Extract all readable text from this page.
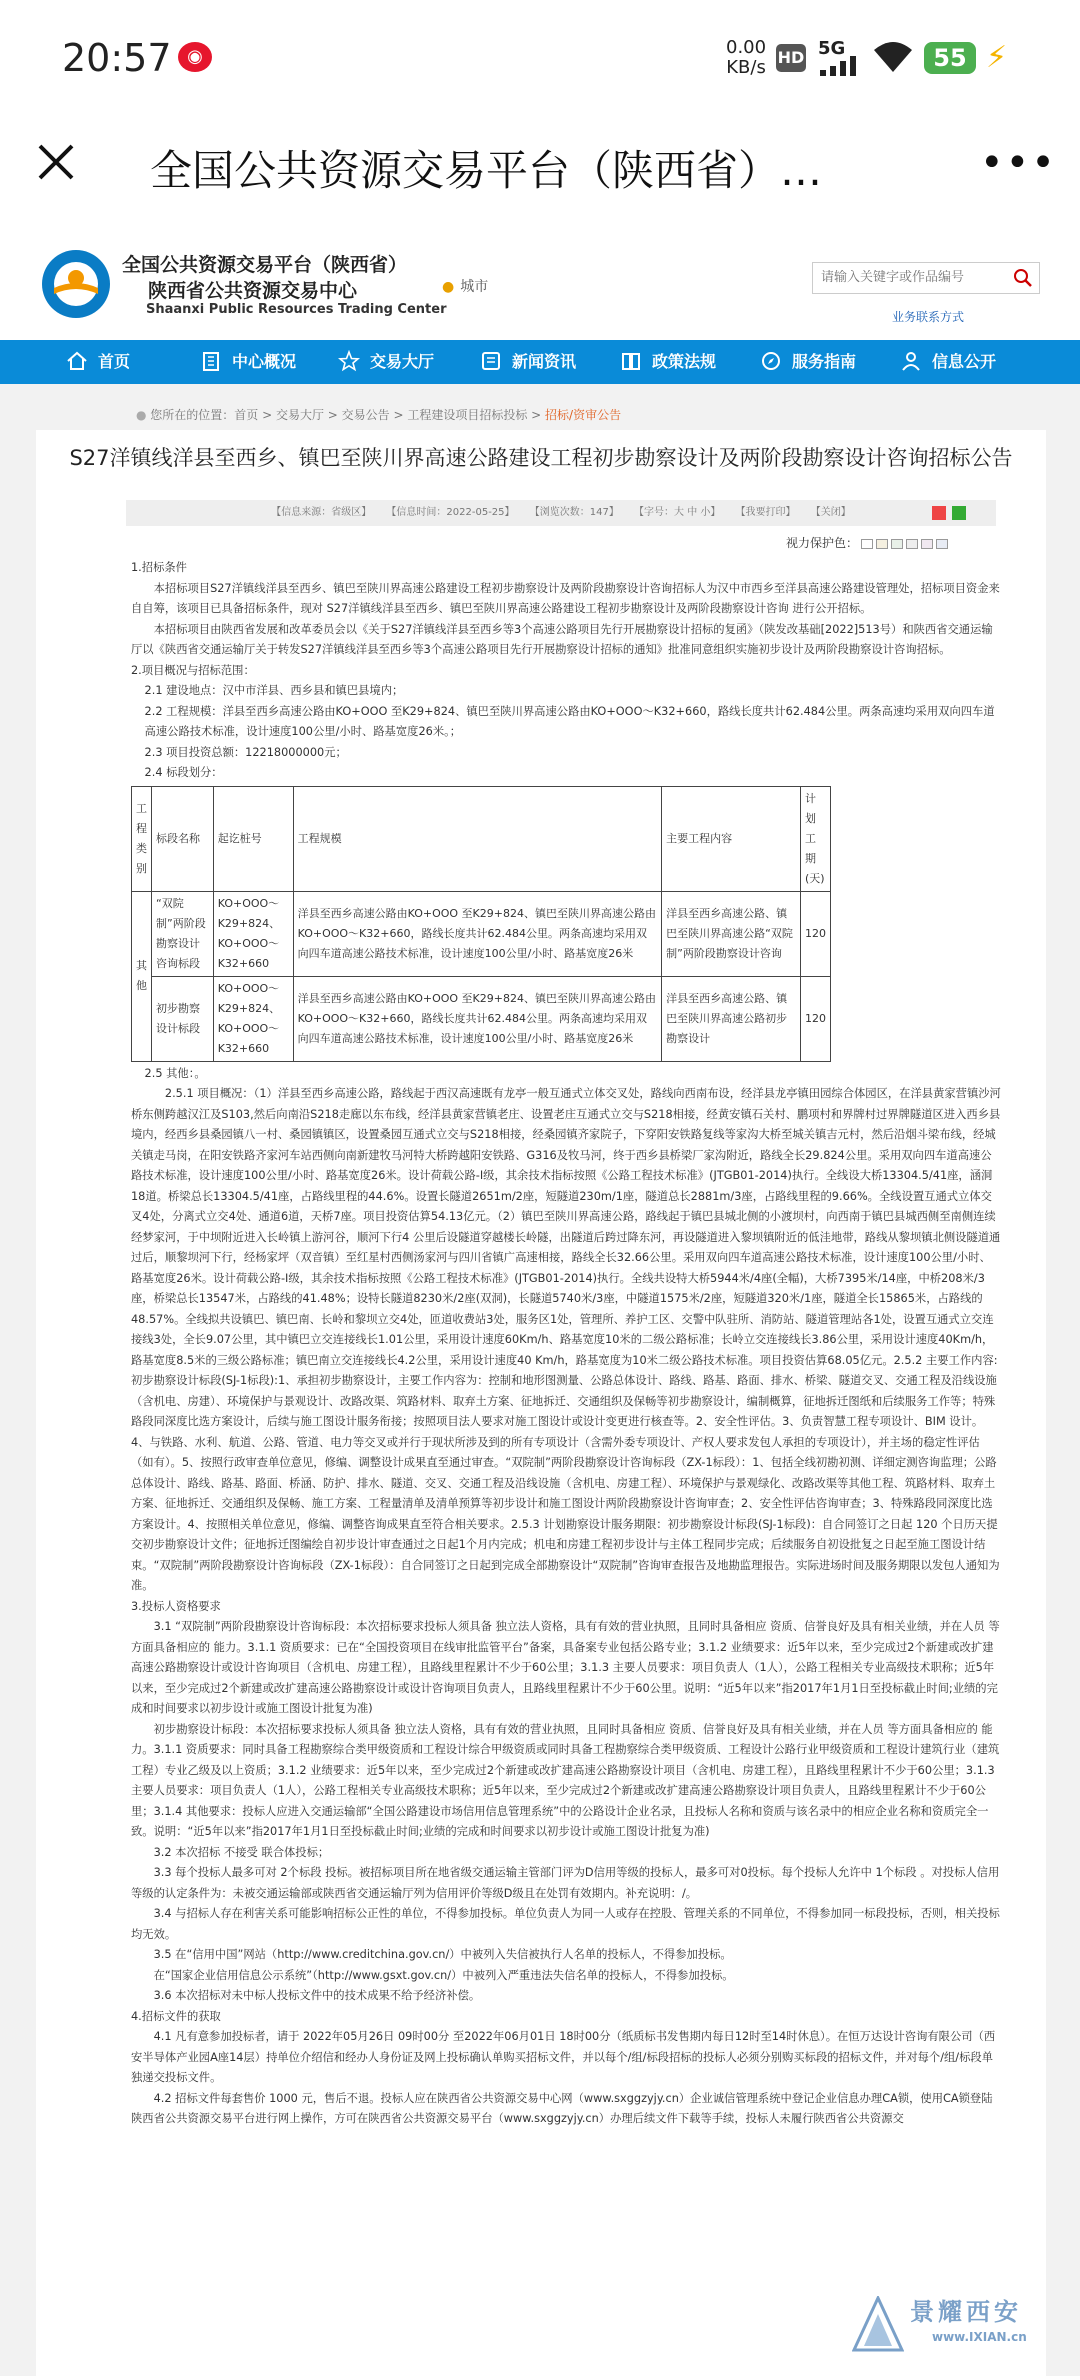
20:57 ◉	0.00
KB/s HD 5G	55 ⚡
全国公共资源交易平台（陕西省）…	•••
全国公共资源交易平台（陕西省）
陕西省公共资源交易中心
Shaanxi Public Resources Trading Center
● 城市
请输入关键字或作品编号
业务联系方式
首页	中心概况	交易大厅	新闻资讯	政策法规	服务指南	信息公开
● 您所在的位置：首页 > 交易大厅 > 交易公告 > 工程建设项目招标投标 > 招标/资审公告
S27洋镇线洋县至西乡、镇巴至陕川界高速公路建设工程初步勘察设计及两阶段勘察设计咨询招标公告
【信息来源：省级区】 【信息时间：2022-05-25】 【浏览次数：147】 【字号：大 中 小】 【我要打印】 【关闭】
视力保护色：

1.招标条件

本招标项目S27洋镇线洋县至西乡、镇巴至陕川界高速公路建设工程初步勘察设计及两阶段勘察设计咨询招标人为汉中市西乡至洋县高速公路建设管理处，招标项目资金来自自筹，该项目已具备招标条件，现对 S27洋镇线洋县至西乡、镇巴至陕川界高速公路建设工程初步勘察设计及两阶段勘察设计咨询 进行公开招标。

本招标项目由陕西省发展和改革委员会以《关于S27洋镇线洋县至西乡等3个高速公路项目先行开展勘察设计招标的复函》（陕发改基础[2022]513号）和陕西省交通运输厅以《陕西省交通运输厅关于转发S27洋镇线洋县至西乡等3个高速公路项目先行开展勘察设计招标的通知》批准同意组织实施初步设计及两阶段勘察设计咨询招标。

2.项目概况与招标范围：

2.1 建设地点：汉中市洋县、西乡县和镇巴县境内；

2.2 工程规模：洋县至西乡高速公路由KO+OOO 至K29+824、镇巴至陕川界高速公路由KO+OOO～K32+660，路线长度共计62.484公里。两条高速均采用双向四车道高速公路技术标准，设计速度100公里/小时、路基宽度26米。；

2.3 项目投资总额：12218000000元；

2.4 标段划分：

工程类别	标段名称	起讫桩号	工程规模	主要工程内容	计划工期(天)
其他	“双院制”两阶段勘察设计咨询标段	KO+OOO～K29+824、KO+OOO～K32+660	洋县至西乡高速公路由KO+OOO 至K29+824、镇巴至陕川界高速公路由KO+OOO～K32+660，路线长度共计62.484公里。两条高速均采用双向四车道高速公路技术标准，设计速度100公里/小时、路基宽度26米	洋县至西乡高速公路、镇巴至陕川界高速公路“双院制”两阶段勘察设计咨询	120
	初步勘察设计标段	KO+OOO～K29+824、KO+OOO～K32+660	洋县至西乡高速公路由KO+OOO 至K29+824、镇巴至陕川界高速公路由KO+OOO～K32+660，路线长度共计62.484公里。两条高速均采用双向四车道高速公路技术标准，设计速度100公里/小时、路基宽度26米	洋县至西乡高速公路、镇巴至陕川界高速公路初步勘察设计	120

2.5 其他：。

2.5.1 项目概况：（1）洋县至西乡高速公路，路线起于西汉高速既有龙亭一般互通式立体交叉处，路线向西南布设，经洋县龙亭镇田园综合体园区，在洋县黄家营镇沙河桥东侧跨越汉江及S103,然后向南沿S218走廊以东布线，经洋县黄家营镇老庄、设置老庄互通式立交与S218相接，经黄安镇石关村、鹏项村和界牌村过界牌隧道区进入西乡县境内，经西乡县桑园镇八一村、桑园镇镇区，设置桑园互通式立交与S218相接，经桑园镇齐家院子，下穿阳安铁路复线等家沟大桥至城关镇吉元村，然后沿烟斗梁布线，经城关镇走马岗，在阳安铁路齐家河车站西侧向南新建牧马河特大桥跨越阳安铁路、G316及牧马河，终于西乡县桥梁厂家沟附近，路线全长29.824公里。采用双向四车道高速公路技术标准，设计速度100公里/小时、路基宽度26米。设计荷载公路-Ⅰ级，其余技术指标按照《公路工程技术标准》(JTGB01-2014)执行。全线设大桥13304.5/41座，涵洞18道。桥梁总长13304.5/41座，占路线里程的44.6%。设置长隧道2651m/2座，短隧道230m/1座，隧道总长2881m/3座，占路线里程的9.66%。全线设置互通式立体交叉4处，分离式立交4处、通道6道，天桥7座。项目投资估算54.13亿元。（2）镇巴至陕川界高速公路，路线起于镇巴县城北侧的小渡坝村，向西南于镇巴县城西侧至南侧连续经梦家河，于中坝附近进入长岭镇上游河谷，顺河下行4 公里后设隧道穿越楼长岭隧，出隧道后跨过降东河，再设隧道进入黎坝镇附近的低洼地带，路线从黎坝镇北侧设隧道通过后，顺黎坝河下行，经杨家坪（双音镇）至红星村西侧汤家河与四川省镇广高速相接，路线全长32.66公里。采用双向四车道高速公路技术标准，设计速度100公里/小时、路基宽度26米。设计荷载公路-Ⅰ级，其余技术指标按照《公路工程技术标准》(JTGB01-2014)执行。全线共设特大桥5944米/4座(全幅)，大桥7395米/14座，中桥208米/3座，桥梁总长13547米，占路线的41.48%；设特长隧道8230米/2座(双洞)，长隧道5740米/3座，中隧道1575米/2座，短隧道320米/1座，隧道全长15865米，占路线的48.57%。全线拟共设镇巴、镇巴南、长岭和黎坝立交4处，匝道收费站3处，服务区1处，管理所、养护工区、交警中队驻所、消防站、隧道管理站各1处，设置互通式立交连接线3处，全长9.07公里，其中镇巴立交连接线长1.01公里，采用设计速度60Km/h、路基宽度10米的二级公路标准；长岭立交连接线长3.86公里，采用设计速度40Km/h，路基宽度8.5米的三级公路标准；镇巴南立交连接线长4.2公里，采用设计速度40 Km/h，路基宽度为10米二级公路技术标准。项目投资估算68.05亿元。2.5.2 主要工作内容:初步勘察设计标段(SJ-1标段):1、承担初步勘察设计，主要工作内容为：控制和地形图测量、公路总体设计、路线、路基、路面、排水、桥梁、隧道交叉、交通工程及沿线设施（含机电、房建）、环境保护与景观设计、改路改渠、筑路材料、取弃土方案、征地拆迁、交通组织及保畅等初步勘察设计，编制概算，征地拆迁图纸和后续服务工作等；特殊路段同深度比选方案设计，后续与施工图设计服务衔接；按照项目法人要求对施工图设计或设计变更进行核查等。2、安全性评估。3、负责智慧工程专项设计、BIM 设计。4、与铁路、水利、航道、公路、管道、电力等交叉或并行于现状所涉及到的所有专项设计（含需外委专项设计、产权人要求发包人承担的专项设计），并主场的稳定性评估（如有）。5、按照行政审查单位意见，修编、调整设计成果直至通过审查。“双院制”两阶段勘察设计咨询标段（ZX-1标段）：1、包括全线初勘初测、详细定测咨询监理；公路总体设计、路线、路基、路面、桥涵、防护、排水、隧道、交叉、交通工程及沿线设施（含机电、房建工程）、环境保护与景观绿化、改路改渠等其他工程、筑路材料、取弃土方案、征地拆迁、交通组织及保畅、施工方案、工程量清单及清单预算等初步设计和施工图设计两阶段勘察设计咨询审查；2、安全性评估咨询审查；3、特殊路段同深度比选方案设计。4、按照相关单位意见，修编、调整咨询成果直至符合相关要求。2.5.3 计划勘察设计服务期限：初步勘察设计标段(SJ-1标段)：自合同签订之日起 120 个日历天提交初步勘察设计文件；征地拆迁图编绘自初步设计审查通过之日起1个月内完成；机电和房建工程初步设计与主体工程同步完成；后续服务自初设批复之日起至施工图设计结束。“双院制”两阶段勘察设计咨询标段（ZX-1标段）：自合同签订之日起到完成全部勘察设计“双院制”咨询审查报告及地勘监理报告。实际进场时间及服务期限以发包人通知为准。

3.投标人资格要求

3.1 “双院制”两阶段勘察设计咨询标段：本次招标要求投标人须具备 独立法人资格，具有有效的营业执照，且同时具备相应 资质、信誉良好及具有相关业绩，并在人员 等方面具备相应的 能力。3.1.1 资质要求：已在“全国投资项目在线审批监管平台”备案，具备案专业包括公路专业；3.1.2 业绩要求：近5年以来，至少完成过2个新建或改扩建高速公路勘察设计或设计咨询项目（含机电、房建工程），且路线里程累计不少于60公里；3.1.3 主要人员要求：项目负责人（1人），公路工程相关专业高级技术职称；近5年以来，至少完成过2个新建或改扩建高速公路勘察设计或设计咨询项目负责人，且路线里程累计不少于60公里。说明：“近5年以来”指2017年1月1日至投标截止时间;业绩的完成和时间要求以初步设计或施工图设计批复为准)

初步勘察设计标段：本次招标要求投标人须具备 独立法人资格，具有有效的营业执照，且同时具备相应 资质、信誉良好及具有相关业绩，并在人员 等方面具备相应的 能力。3.1.1 资质要求：同时具备工程勘察综合类甲级资质和工程设计综合甲级资质或同时具备工程勘察综合类甲级资质、工程设计公路行业甲级资质和工程设计建筑行业（建筑工程）专业乙级及以上资质；3.1.2 业绩要求：近5年以来，至少完成过2个新建或改扩建高速公路勘察设计项目（含机电、房建工程），且路线里程累计不少于60公里；3.1.3 主要人员要求：项目负责人（1人），公路工程相关专业高级技术职称；近5年以来，至少完成过2个新建或改扩建高速公路勘察设计项目负责人，且路线里程累计不少于60公里；3.1.4 其他要求：投标人应进入交通运输部“全国公路建设市场信用信息管理系统”中的公路设计企业名录，且投标人名称和资质与该名录中的相应企业名称和资质完全一致。说明：“近5年以来”指2017年1月1日至投标截止时间;业绩的完成和时间要求以初步设计或施工图设计批复为准)

3.2 本次招标 不接受 联合体投标；

3.3 每个投标人最多可对 2个标段 投标。被招标项目所在地省级交通运输主管部门评为D信用等级的投标人，最多可对0投标。每个投标人允许中 1个标段 。对投标人信用等级的认定条件为：未被交通运输部或陕西省交通运输厅列为信用评价等级D级且在处罚有效期内。补充说明：/。

3.4 与招标人存在利害关系可能影响招标公正性的单位，不得参加投标。单位负责人为同一人或存在控股、管理关系的不同单位，不得参加同一标段投标，否则，相关投标均无效。

3.5 在“信用中国”网站（http://www.creditchina.gov.cn/）中被列入失信被执行人名单的投标人，不得参加投标。

在“国家企业信用信息公示系统”（http://www.gsxt.gov.cn/）中被列入严重违法失信名单的投标人，不得参加投标。

3.6 本次招标对未中标人投标文件中的技术成果不给予经济补偿。

4.招标文件的获取

4.1 凡有意参加投标者，请于 2022年05月26日 09时00分 至2022年06月01日 18时00分（纸质标书发售期内每日12时至14时休息）。在恒万达设计咨询有限公司（西安半导体产业园A座14层）持单位介绍信和经办人身份证及网上投标确认单购买招标文件，并以每个/组/标段招标的投标人必须分别购买标段的招标文件，并对每个/组/标段单独递交投标文件。

4.2 招标文件每套售价 1000 元，售后不退。投标人应在陕西省公共资源交易中心网（www.sxggzyjy.cn）企业诚信管理系统中登记企业信息办理CA锁，使用CA锁登陆陕西省公共资源交易平台进行网上操作，方可在陕西省公共资源交易平台（www.sxggzyjy.cn）办理后续文件下载等手续，投标人未履行陕西省公共资源交

景耀西安
www.IXIAN.cn
